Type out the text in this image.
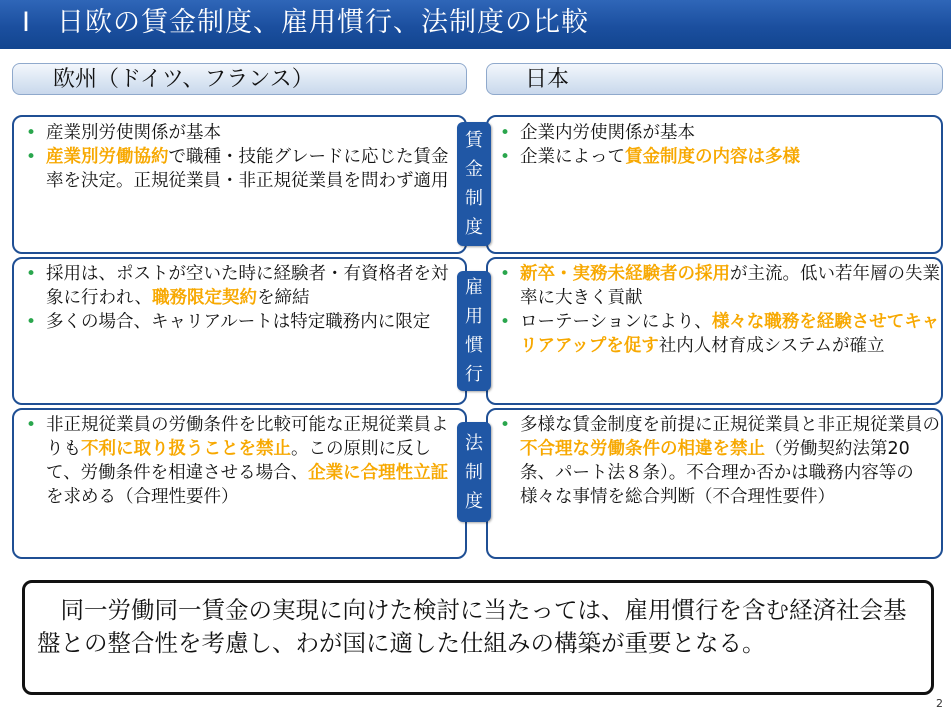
Ⅰ 日欧の賃金制度、雇用慣行、法制度の比較
欧州（ドイツ、フランス）	日本
• 産業別労使関係が基本
• 産業別労働協約で職種・技能グレードに応じた賃金率を決定。正規従業員・非正規従業員を問わず適用
• 企業内労使関係が基本
• 企業によって賃金制度の内容は多様
• 採用は、ポストが空いた時に経験者・有資格者を対象に行われ、職務限定契約を締結
• 多くの場合、キャリアルートは特定職務内に限定
• 新卒・実務未経験者の採用が主流。低い若年層の失業率に大きく貢献
• ローテーションにより、様々な職務を経験させてキャリアアップを促す社内人材育成システムが確立
• 非正規従業員の労働条件を比較可能な正規従業員よりも不利に取り扱うことを禁止。この原則に反して、労働条件を相違させる場合、企業に合理性立証を求める（合理性要件）
• 多様な賃金制度を前提に正規従業員と非正規従業員の不合理な労働条件の相違を禁止（労働契約法第20条、パート法８条）。不合理か否かは職務内容等の様々な事情を総合判断（不合理性要件）
賃
金
制
度
雇
用
慣
行
法
制
度
　同一労働同一賃金の実現に向けた検討に当たっては、雇用慣行を含む経済社会基盤との整合性を考慮し、わが国に適した仕組みの構築が重要となる。
2
